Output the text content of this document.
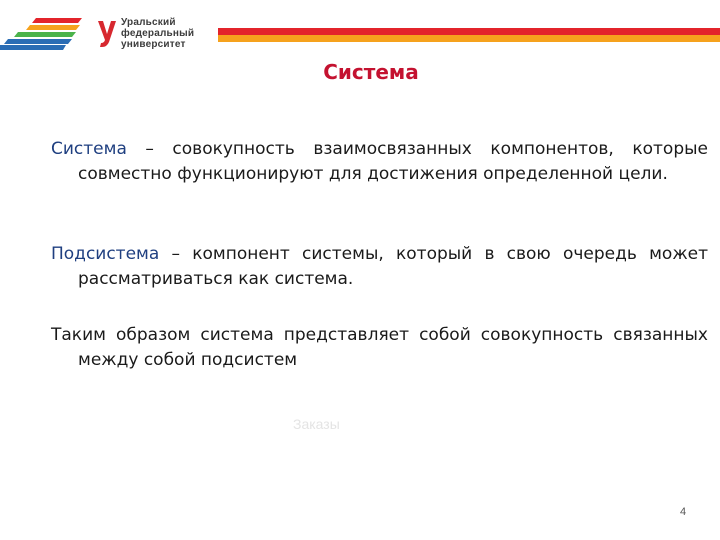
Уральский
федеральный
университет
Система

Система – совокупность взаимосвязанных компонентов, которые совместно функционируют для достижения определенной цели.

Подсистема – компонент системы, который в свою очередь может рассматриваться как система.

Таким образом система представляет собой совокупность связанных между собой подсистем

Заказы
4
